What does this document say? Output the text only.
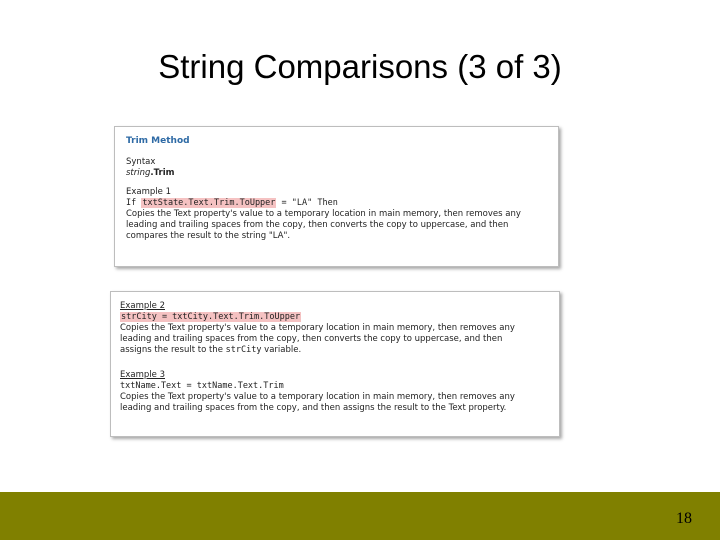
String Comparisons (3 of 3)
Trim Method
Syntax
string.Trim
Example 1
If txtState.Text.Trim.ToUpper = "LA" Then
Copies the Text property's value to a temporary location in main memory, then removes any
leading and trailing spaces from the copy, then converts the copy to uppercase, and then
compares the result to the string "LA".
Example 2
strCity = txtCity.Text.Trim.ToUpper
Copies the Text property's value to a temporary location in main memory, then removes any
leading and trailing spaces from the copy, then converts the copy to uppercase, and then
assigns the result to the strCity variable.
Example 3
txtName.Text = txtName.Text.Trim
Copies the Text property's value to a temporary location in main memory, then removes any
leading and trailing spaces from the copy, and then assigns the result to the Text property.
18
